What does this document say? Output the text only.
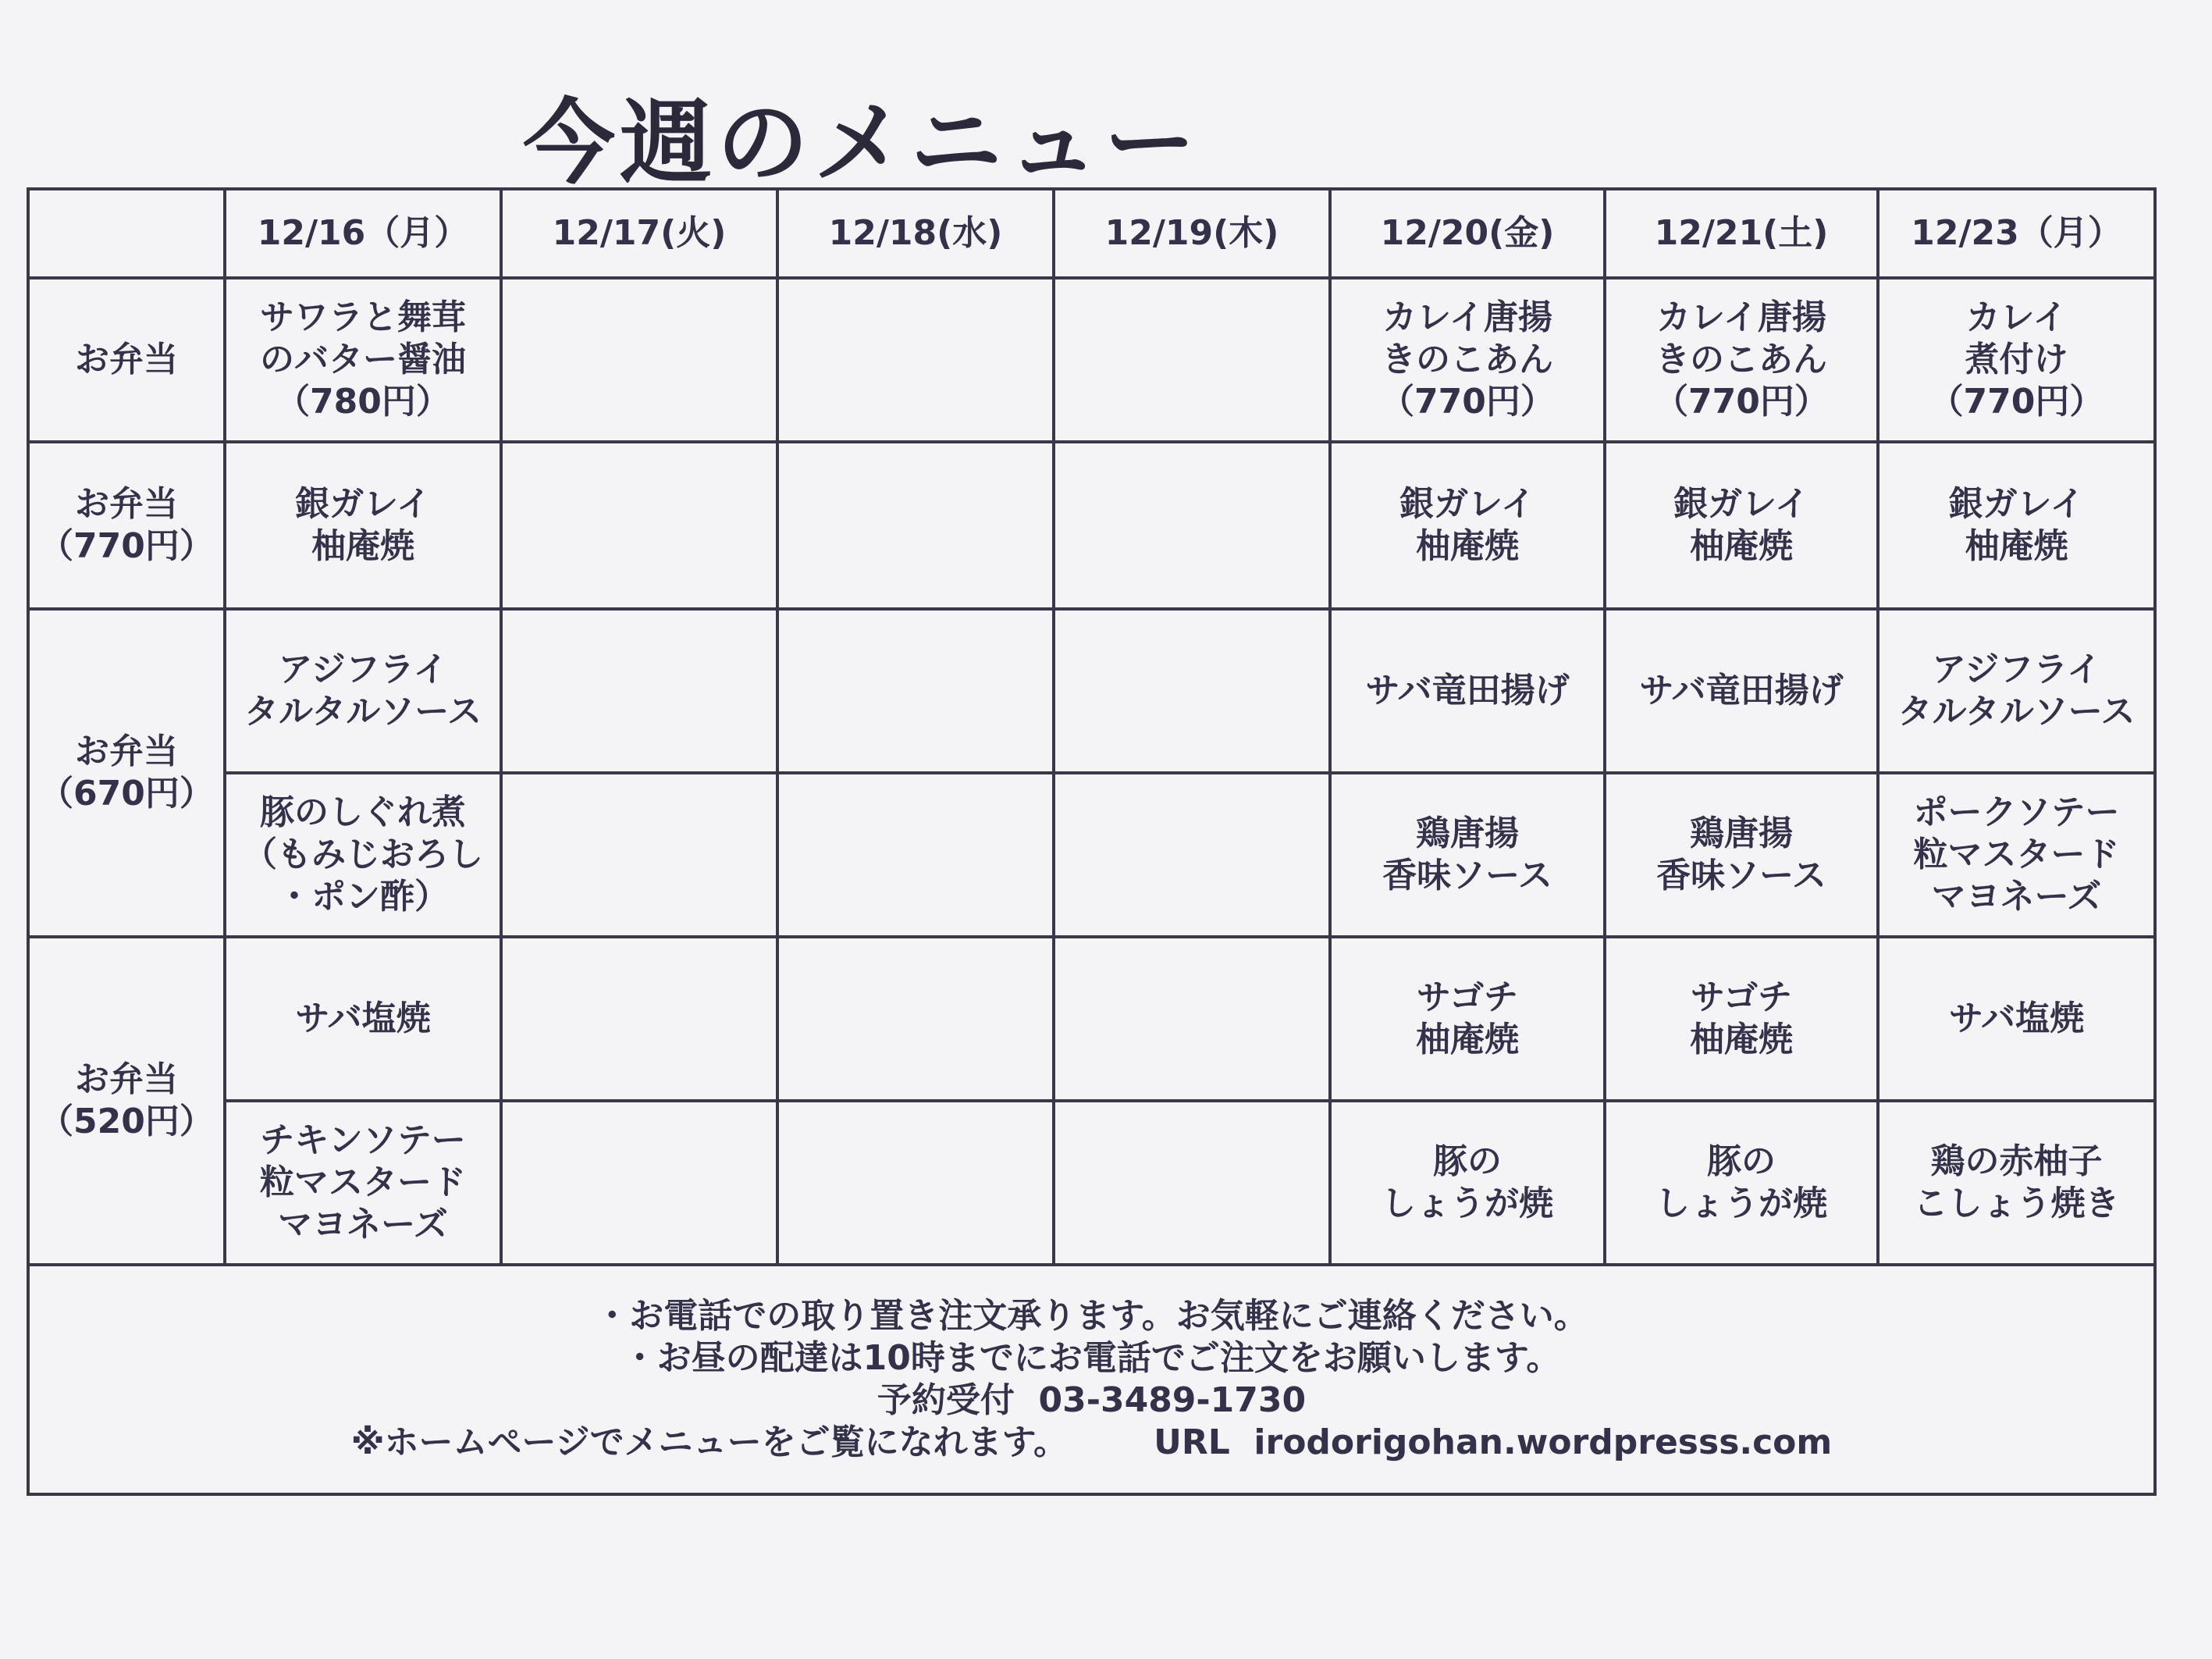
今週のメニュー
	12/16（月）	12/17(火)	12/18(水)	12/19(木)	12/20(金)	12/21(土)	12/23（月）

お弁当	サワラと舞茸
のバター醤油
（780円）				カレイ唐揚
きのこあん
（770円）	カレイ唐揚
きのこあん
（770円）	カレイ
煮付け
（770円）

お弁当
（770円）	銀ガレイ
柚庵焼				銀ガレイ
柚庵焼	銀ガレイ
柚庵焼	銀ガレイ
柚庵焼

お弁当
（670円）	アジフライ
タルタルソース				サバ竜田揚げ	サバ竜田揚げ	アジフライ
タルタルソース

	豚のしぐれ煮
（もみじおろし
・ポン酢）				鶏唐揚
香味ソース	鶏唐揚
香味ソース	ポークソテー
粒マスタード
マヨネーズ

お弁当
（520円）	サバ塩焼				サゴチ
柚庵焼	サゴチ
柚庵焼	サバ塩焼

	チキンソテー
粒マスタード
マヨネーズ				豚の
しょうが焼	豚の
しょうが焼	鶏の赤柚子
こしょう焼き

・お電話での取り置き注文承ります。お気軽にご連絡ください。
・お昼の配達は10時までにお電話でご注文をお願いします。
予約受付 03-3489-1730
※ホームページでメニューをご覧になれます。 URL irodorigohan.wordpresss.com							
